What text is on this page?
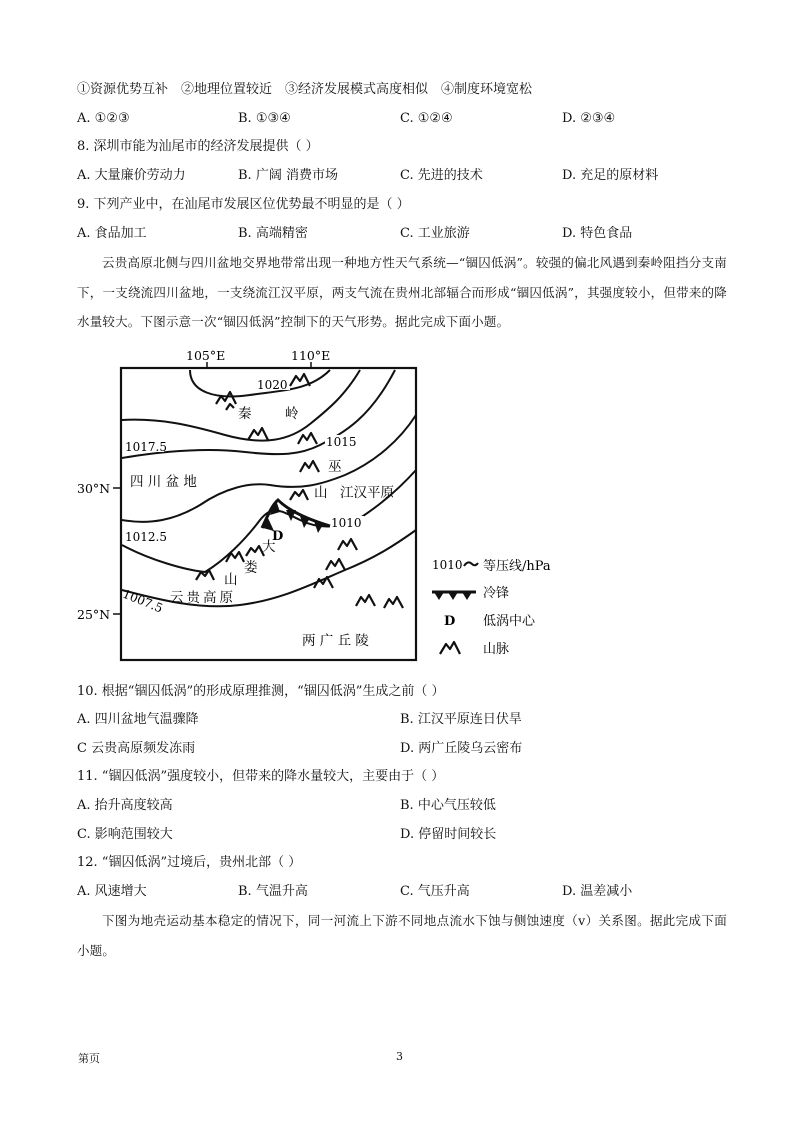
①资源优势互补　②地理位置较近　③经济发展模式高度相似　④制度环境宽松
A. ①②③	B. ①③④	C. ①②④	D. ②③④
8. 深圳市能为汕尾市的经济发展提供（ ）
A. 大量廉价劳动力	B. 广阔 消费市场	C. 先进的技术	D. 充足的原材料
9. 下列产业中，在汕尾市发展区位优势最不明显的是（ ）
A. 食品加工	B. 高端精密	C. 工业旅游	D. 特色食品
云贵高原北侧与四川盆地交界地带常出现一种地方性天气系统—“锢囚低涡”。较强的偏北风遇到秦岭阻挡分支南下，一支绕流四川盆地，一支绕流江汉平原，两支气流在贵州北部辐合而形成“锢囚低涡”，其强度较小，但带来的降水量较大。下图示意一次“锢囚低涡”控制下的天气形势。据此完成下面小题。
105°E	110°E
30°N
25°N
1020
1017.5	1015
1012.5
1010
1007.5
D
秦 岭
四 川 盆 地
巫
山 江汉平原
大
娄
山
云贵高原
两 广 丘 陵
1010 等压线/hPa
冷锋
D 低涡中心
山脉
10. 根据“锢囚低涡”的形成原理推测，“锢囚低涡”生成之前（ ）
A. 四川盆地气温骤降	B. 江汉平原连日伏旱
C 云贵高原频发冻雨	D. 两广丘陵乌云密布
11. “锢囚低涡”强度较小，但带来的降水量较大，主要由于（ ）
A. 抬升高度较高	B. 中心气压较低
C. 影响范围较大	D. 停留时间较长
12. “锢囚低涡”过境后，贵州北部（ ）
A. 风速增大	B. 气温升高	C. 气压升高	D. 温差减小
下图为地壳运动基本稳定的情况下，同一河流上下游不同地点流水下蚀与侧蚀速度（v）关系图。据此完成下面小题。
第页	3
